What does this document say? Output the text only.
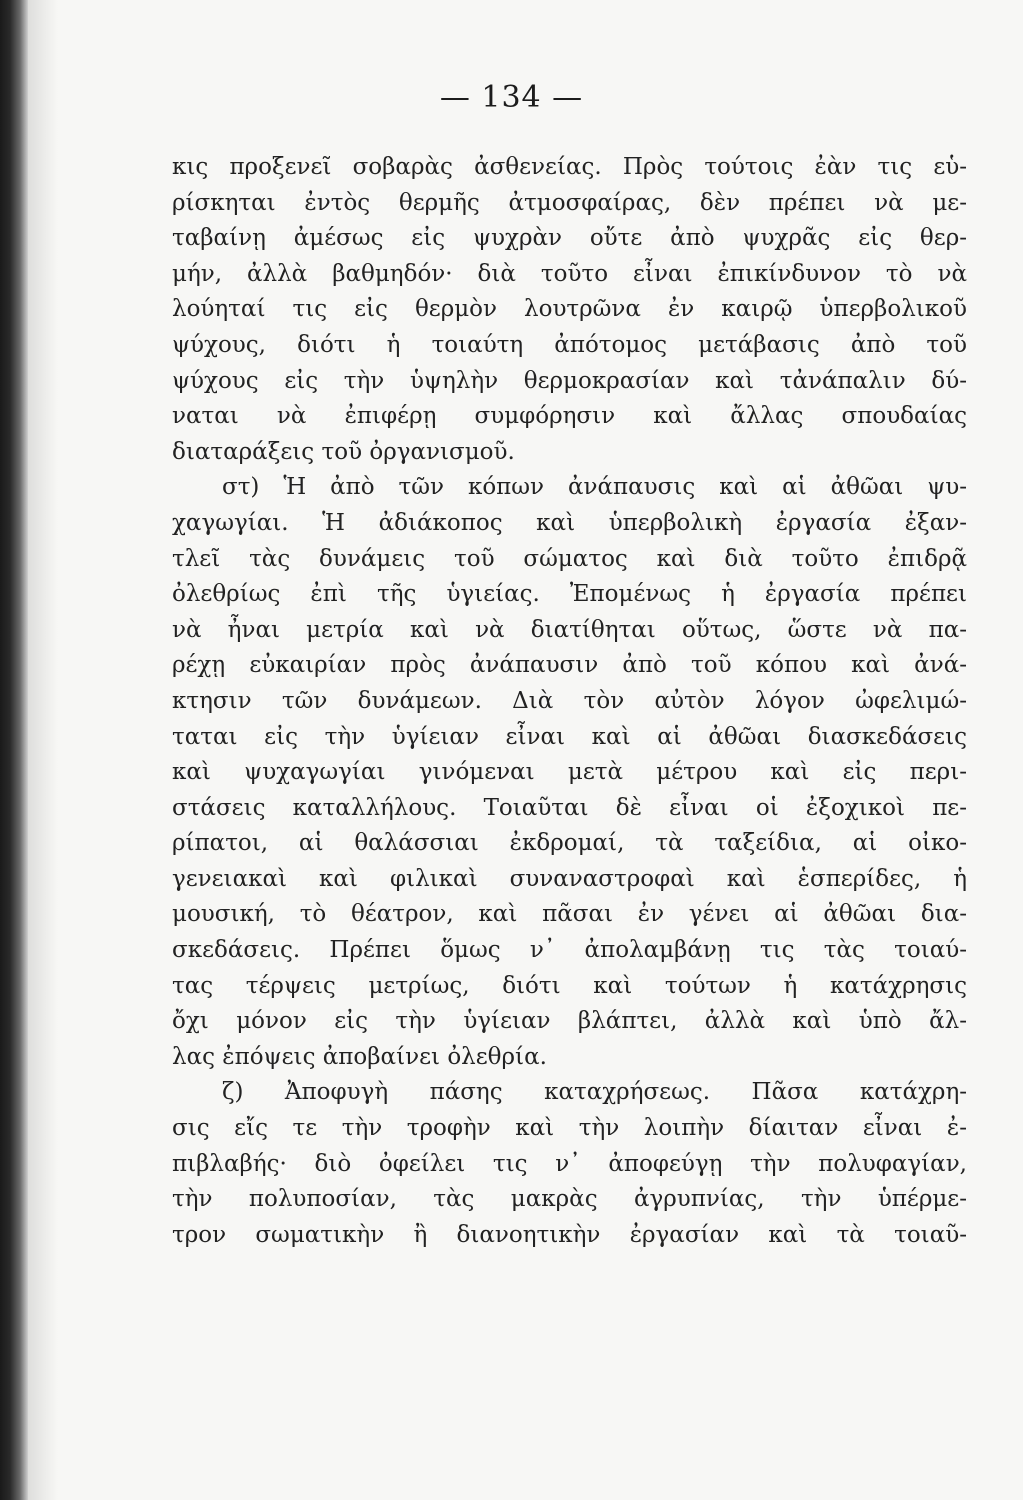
— 134 —
κις προξενεῖ σοβαρὰς ἀσθενείας. Πρὸς τούτοις ἐὰν τις εὑ-
ρίσκηται ἐντὸς θερμῆς ἀτμοσφαίρας, δὲν πρέπει νὰ με-
ταβαίνῃ ἀμέσως εἰς ψυχρὰν οὔτε ἀπὸ ψυχρᾶς εἰς θερ-
μήν, ἀλλὰ βαθμηδόν· διὰ τοῦτο εἶναι ἐπικίνδυνον τὸ νὰ
λούηταί τις εἰς θερμὸν λουτρῶνα ἐν καιρῷ ὑπερβολικοῦ
ψύχους, διότι ἡ τοιαύτη ἀπότομος μετάβασις ἀπὸ τοῦ
ψύχους εἰς τὴν ὑψηλὴν θερμοκρασίαν καὶ τἀνάπαλιν δύ-
ναται νὰ ἐπιφέρῃ συμφόρησιν καὶ ἄλλας σπουδαίας
διαταράξεις τοῦ ὀργανισμοῦ.
στ) Ἡ ἀπὸ τῶν κόπων ἀνάπαυσις καὶ αἱ ἀθῶαι ψυ-
χαγωγίαι. Ἡ ἀδιάκοπος καὶ ὑπερβολικὴ ἐργασία ἐξαν-
τλεῖ τὰς δυνάμεις τοῦ σώματος καὶ διὰ τοῦτο ἐπιδρᾷ
ὀλεθρίως ἐπὶ τῆς ὑγιείας. Ἐπομένως ἡ ἐργασία πρέπει
νὰ ἦναι μετρία καὶ νὰ διατίθηται οὕτως, ὥστε νὰ πα-
ρέχῃ εὐκαιρίαν πρὸς ἀνάπαυσιν ἀπὸ τοῦ κόπου καὶ ἀνά-
κτησιν τῶν δυνάμεων. Διὰ τὸν αὐτὸν λόγον ὠφελιμώ-
ταται εἰς τὴν ὑγίειαν εἶναι καὶ αἱ ἀθῶαι διασκεδάσεις
καὶ ψυχαγωγίαι γινόμεναι μετὰ μέτρου καὶ εἰς περι-
στάσεις καταλλήλους. Τοιαῦται δὲ εἶναι οἱ ἐξοχικοὶ πε-
ρίπατοι, αἱ θαλάσσιαι ἐκδρομαί, τὰ ταξείδια, αἱ οἰκο-
γενειακαὶ καὶ φιλικαὶ συναναστροφαὶ καὶ ἑσπερίδες, ἡ
μουσική, τὸ θέατρον, καὶ πᾶσαι ἐν γένει αἱ ἀθῶαι δια-
σκεδάσεις. Πρέπει ὅμως ν᾽ ἀπολαμβάνῃ τις τὰς τοιαύ-
τας τέρψεις μετρίως, διότι καὶ τούτων ἡ κατάχρησις
ὄχι μόνον εἰς τὴν ὑγίειαν βλάπτει, ἀλλὰ καὶ ὑπὸ ἄλ-
λας ἐπόψεις ἀποβαίνει ὀλεθρία.
ζ) Ἀποφυγὴ πάσης καταχρήσεως. Πᾶσα κατάχρη-
σις εἴς τε τὴν τροφὴν καὶ τὴν λοιπὴν δίαιταν εἶναι ἐ-
πιβλαβής· διὸ ὀφείλει τις ν᾽ ἀποφεύγῃ τὴν πολυφαγίαν,
τὴν πολυποσίαν, τὰς μακρὰς ἀγρυπνίας, τὴν ὑπέρμε-
τρον σωματικὴν ἢ διανοητικὴν ἐργασίαν καὶ τὰ τοιαῦ-
